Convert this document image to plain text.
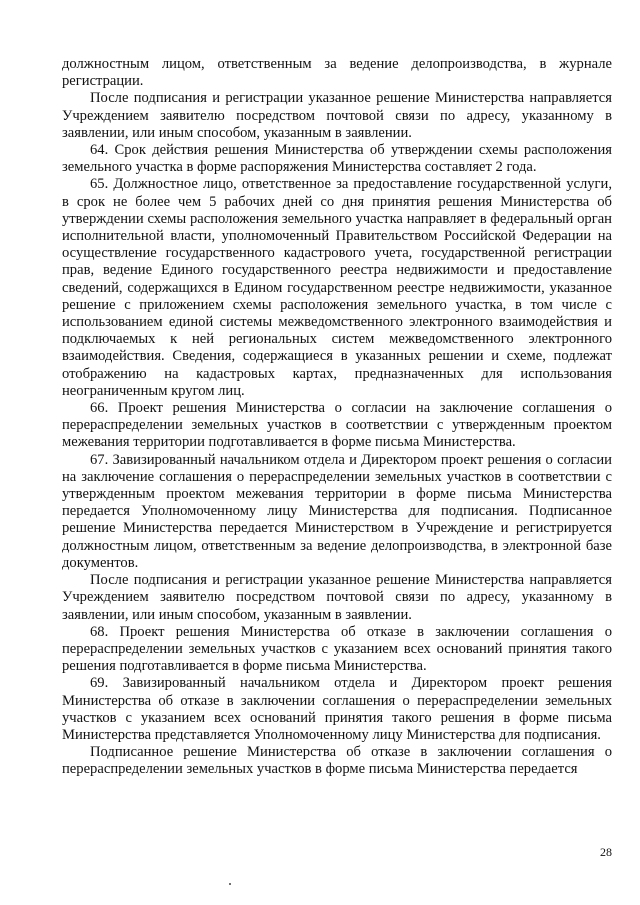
должностным лицом, ответственным за ведение делопроизводства, в журнале регистрации.

После подписания и регистрации указанное решение Министерства направляется Учреждением заявителю посредством почтовой связи по адресу, указанному в заявлении, или иным способом, указанным в заявлении.

64. Срок действия решения Министерства об утверждении схемы расположения земельного участка в форме распоряжения Министерства составляет 2 года.

65. Должностное лицо, ответственное за предоставление государственной услуги, в срок не более чем 5 рабочих дней со дня принятия решения Министерства об утверждении схемы расположения земельного участка направляет в федеральный орган исполнительной власти, уполномоченный Правительством Российской Федерации на осуществление государственного кадастрового учета, государственной регистрации прав, ведение Единого государственного реестра недвижимости и предоставление сведений, содержащихся в Едином государственном реестре недвижимости, указанное решение с приложением схемы расположения земельного участка, в том числе с использованием единой системы межведомственного электронного взаимодействия и подключаемых к ней региональных систем межведомственного электронного взаимодействия. Сведения, содержащиеся в указанных решении и схеме, подлежат отображению на кадастровых картах, предназначенных для использования неограниченным кругом лиц.

66. Проект решения Министерства о согласии на заключение соглашения о перераспределении земельных участков в соответствии с утвержденным проектом межевания территории подготавливается в форме письма Министерства.

67. Завизированный начальником отдела и Директором проект решения о согласии на заключение соглашения о перераспределении земельных участков в соответствии с утвержденным проектом межевания территории в форме письма Министерства передается Уполномоченному лицу Министерства для подписания. Подписанное решение Министерства передается Министерством в Учреждение и регистрируется должностным лицом, ответственным за ведение делопроизводства, в электронной базе документов.

После подписания и регистрации указанное решение Министерства направляется Учреждением заявителю посредством почтовой связи по адресу, указанному в заявлении, или иным способом, указанным в заявлении.

68. Проект решения Министерства об отказе в заключении соглашения о перераспределении земельных участков с указанием всех оснований принятия такого решения подготавливается в форме письма Министерства.

69. Завизированный начальником отдела и Директором проект решения Министерства об отказе в заключении соглашения о перераспределении земельных участков с указанием всех оснований принятия такого решения в форме письма Министерства представляется Уполномоченному лицу Министерства для подписания.

Подписанное решение Министерства об отказе в заключении соглашения о перераспределении земельных участков в форме письма Министерства передается

28
